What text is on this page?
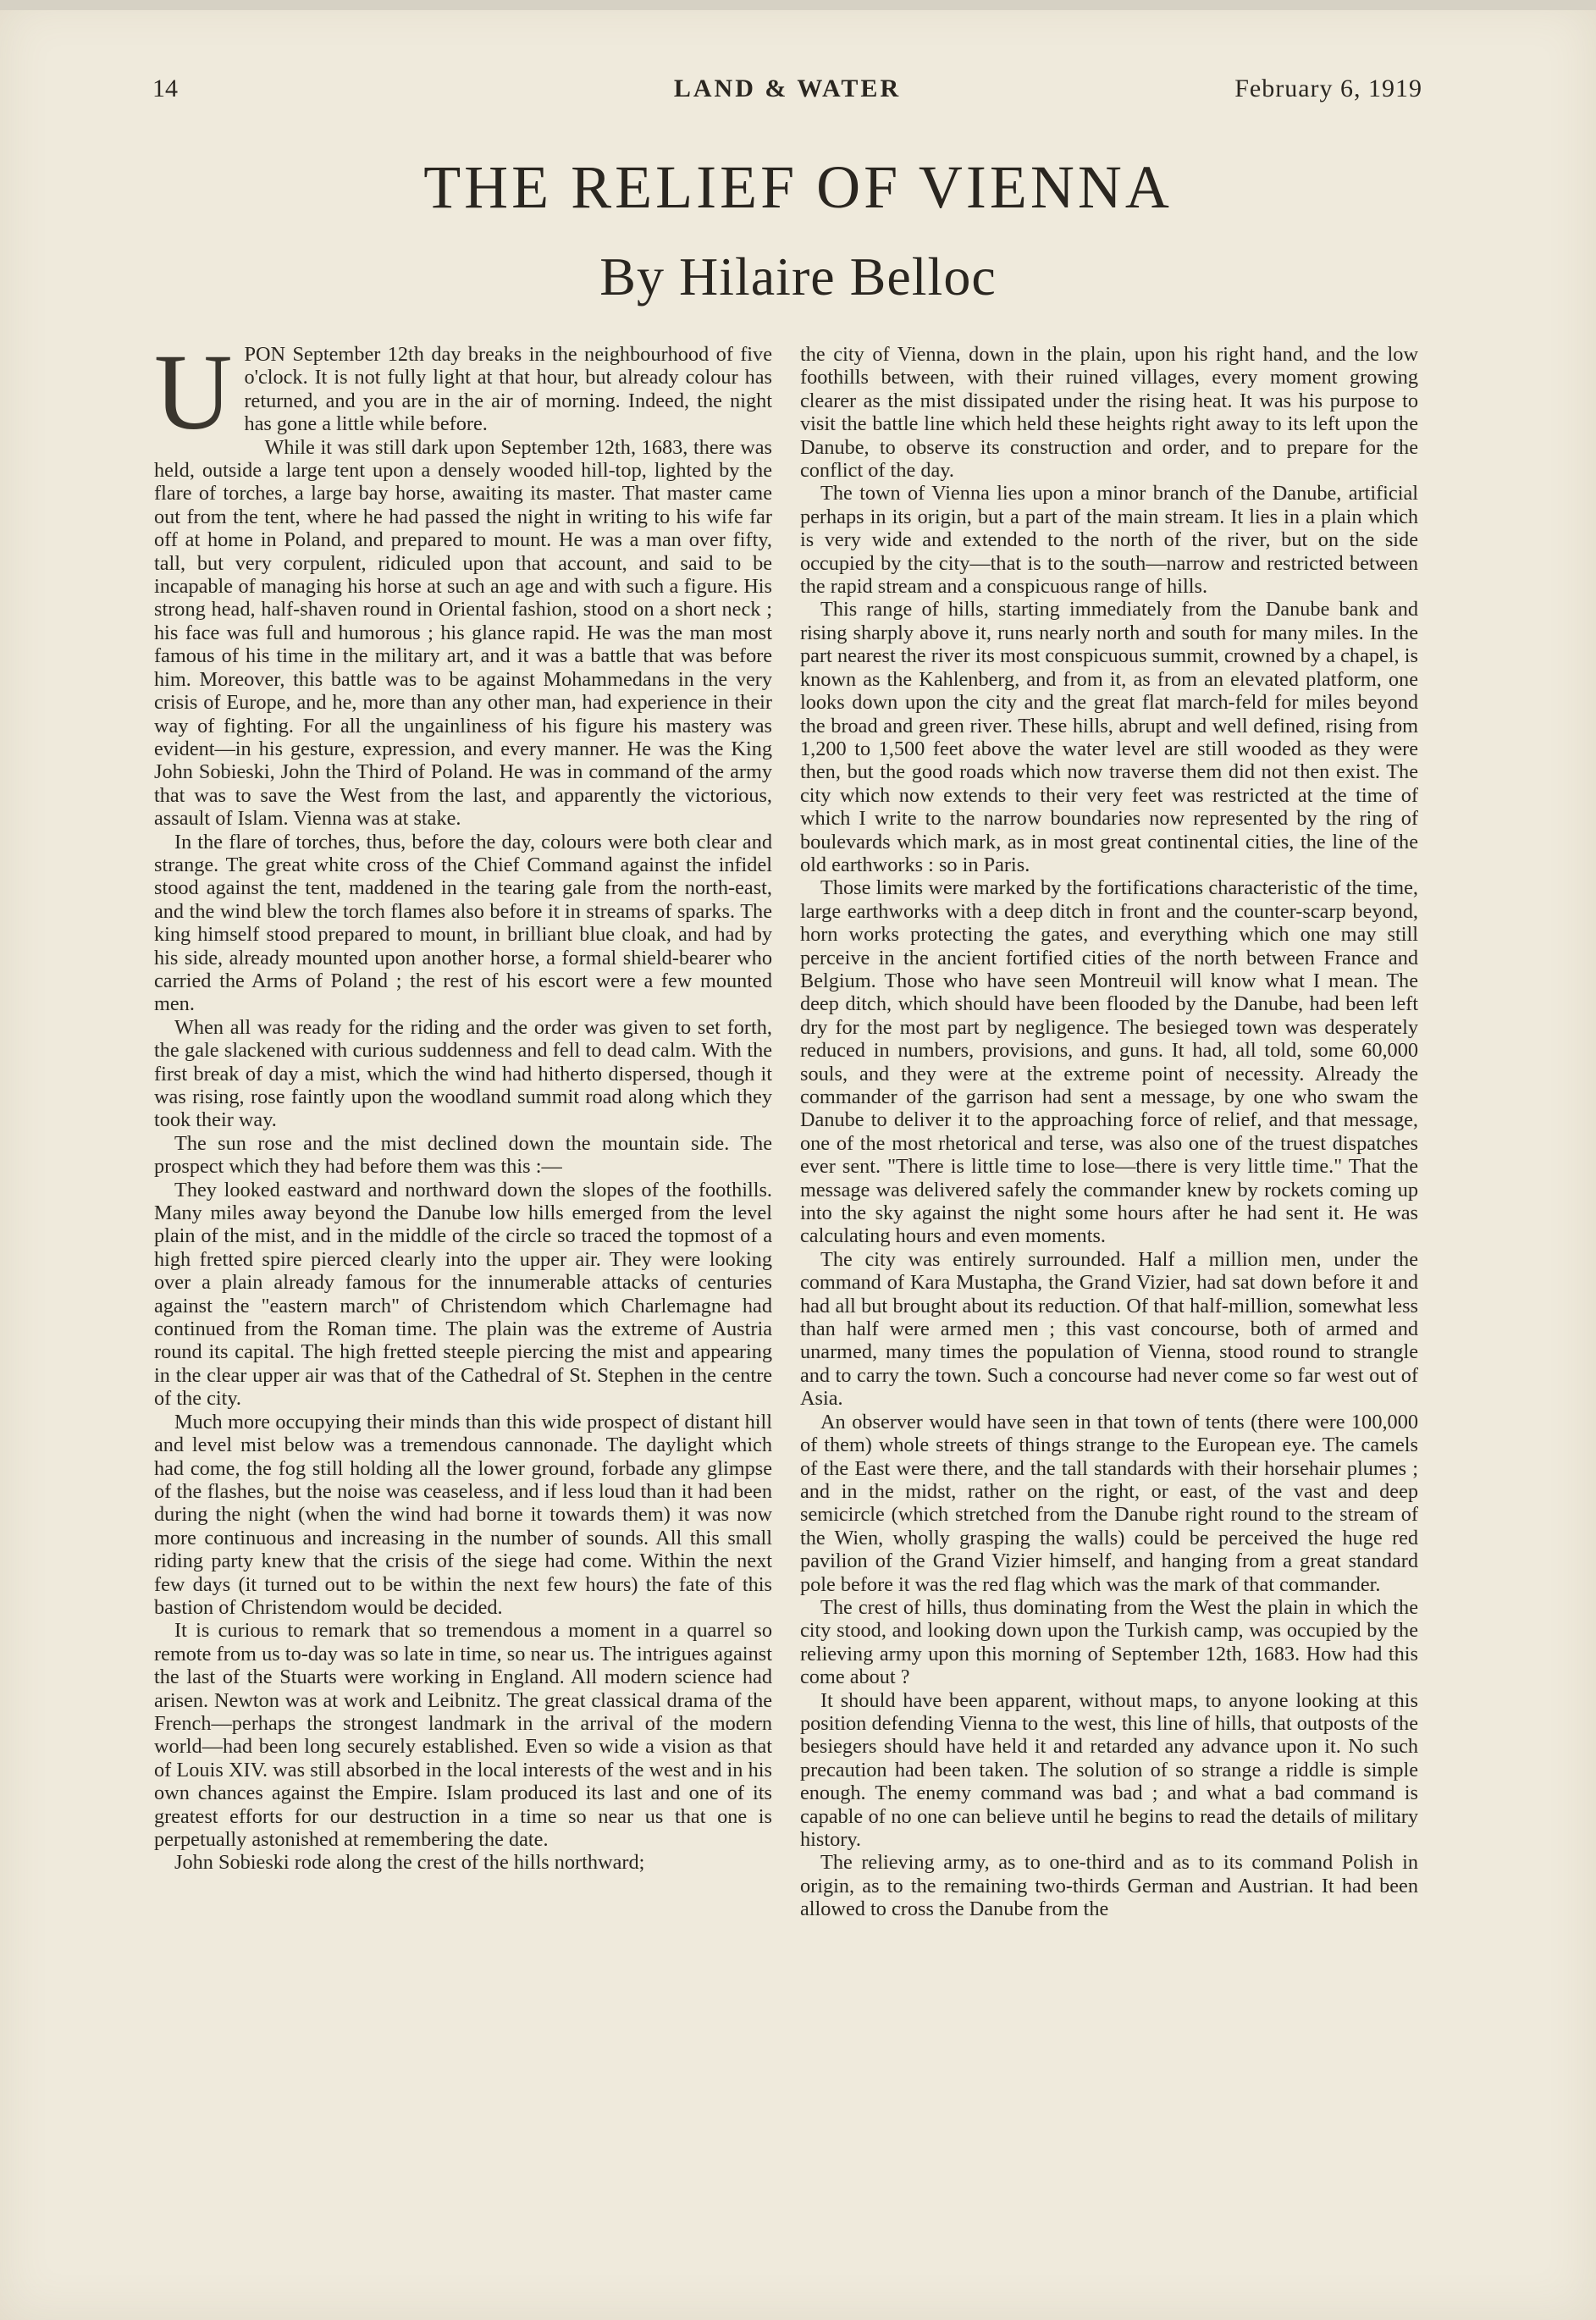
14	LAND & WATER	February 6, 1919
THE RELIEF OF VIENNA
By Hilaire Belloc

UPON September 12th day breaks in the neighbourhood of five o'clock. It is not fully light at that hour, but already colour has returned, and you are in the air of morning. Indeed, the night has gone a little while before.

While it was still dark upon September 12th, 1683, there was held, outside a large tent upon a densely wooded hill-top, lighted by the flare of torches, a large bay horse, awaiting its master. That master came out from the tent, where he had passed the night in writing to his wife far off at home in Poland, and prepared to mount. He was a man over fifty, tall, but very corpulent, ridiculed upon that account, and said to be incapable of managing his horse at such an age and with such a figure. His strong head, half-shaven round in Oriental fashion, stood on a short neck ; his face was full and humorous ; his glance rapid. He was the man most famous of his time in the military art, and it was a battle that was before him. Moreover, this battle was to be against Mohammedans in the very crisis of Europe, and he, more than any other man, had experience in their way of fighting. For all the ungainliness of his figure his mastery was evident—in his gesture, expression, and every manner. He was the King John Sobieski, John the Third of Poland. He was in command of the army that was to save the West from the last, and apparently the victorious, assault of Islam. Vienna was at stake.

In the flare of torches, thus, before the day, colours were both clear and strange. The great white cross of the Chief Command against the infidel stood against the tent, maddened in the tearing gale from the north-east, and the wind blew the torch flames also before it in streams of sparks. The king himself stood prepared to mount, in brilliant blue cloak, and had by his side, already mounted upon another horse, a formal shield-bearer who carried the Arms of Poland ; the rest of his escort were a few mounted men.

When all was ready for the riding and the order was given to set forth, the gale slackened with curious suddenness and fell to dead calm. With the first break of day a mist, which the wind had hitherto dispersed, though it was rising, rose faintly upon the woodland summit road along which they took their way.

The sun rose and the mist declined down the mountain side. The prospect which they had before them was this :—

They looked eastward and northward down the slopes of the foothills. Many miles away beyond the Danube low hills emerged from the level plain of the mist, and in the middle of the circle so traced the topmost of a high fretted spire pierced clearly into the upper air. They were looking over a plain already famous for the innumerable attacks of centuries against the "eastern march" of Christendom which Charlemagne had continued from the Roman time. The plain was the extreme of Austria round its capital. The high fretted steeple piercing the mist and appearing in the clear upper air was that of the Cathedral of St. Stephen in the centre of the city.

Much more occupying their minds than this wide prospect of distant hill and level mist below was a tremendous cannonade. The daylight which had come, the fog still holding all the lower ground, forbade any glimpse of the flashes, but the noise was ceaseless, and if less loud than it had been during the night (when the wind had borne it towards them) it was now more continuous and increasing in the number of sounds. All this small riding party knew that the crisis of the siege had come. Within the next few days (it turned out to be within the next few hours) the fate of this bastion of Christendom would be decided.

It is curious to remark that so tremendous a moment in a quarrel so remote from us to-day was so late in time, so near us. The intrigues against the last of the Stuarts were working in England. All modern science had arisen. Newton was at work and Leibnitz. The great classical drama of the French—perhaps the strongest landmark in the arrival of the modern world—had been long securely established. Even so wide a vision as that of Louis XIV. was still absorbed in the local interests of the west and in his own chances against the Empire. Islam produced its last and one of its greatest efforts for our destruction in a time so near us that one is perpetually astonished at remembering the date.

John Sobieski rode along the crest of the hills northward;

the city of Vienna, down in the plain, upon his right hand, and the low foothills between, with their ruined villages, every moment growing clearer as the mist dissipated under the rising heat. It was his purpose to visit the battle line which held these heights right away to its left upon the Danube, to observe its construction and order, and to prepare for the conflict of the day.

The town of Vienna lies upon a minor branch of the Danube, artificial perhaps in its origin, but a part of the main stream. It lies in a plain which is very wide and extended to the north of the river, but on the side occupied by the city—that is to the south—narrow and restricted between the rapid stream and a conspicuous range of hills.

This range of hills, starting immediately from the Danube bank and rising sharply above it, runs nearly north and south for many miles. In the part nearest the river its most conspicuous summit, crowned by a chapel, is known as the Kahlenberg, and from it, as from an elevated platform, one looks down upon the city and the great flat march-feld for miles beyond the broad and green river. These hills, abrupt and well defined, rising from 1,200 to 1,500 feet above the water level are still wooded as they were then, but the good roads which now traverse them did not then exist. The city which now extends to their very feet was restricted at the time of which I write to the narrow boundaries now represented by the ring of boulevards which mark, as in most great continental cities, the line of the old earthworks : so in Paris.

Those limits were marked by the fortifications characteristic of the time, large earthworks with a deep ditch in front and the counter-scarp beyond, horn works protecting the gates, and everything which one may still perceive in the ancient fortified cities of the north between France and Belgium. Those who have seen Montreuil will know what I mean. The deep ditch, which should have been flooded by the Danube, had been left dry for the most part by negligence. The besieged town was desperately reduced in numbers, provisions, and guns. It had, all told, some 60,000 souls, and they were at the extreme point of necessity. Already the commander of the garrison had sent a message, by one who swam the Danube to deliver it to the approaching force of relief, and that message, one of the most rhetorical and terse, was also one of the truest dispatches ever sent. "There is little time to lose—there is very little time." That the message was delivered safely the commander knew by rockets coming up into the sky against the night some hours after he had sent it. He was calculating hours and even moments.

The city was entirely surrounded. Half a million men, under the command of Kara Mustapha, the Grand Vizier, had sat down before it and had all but brought about its reduction. Of that half-million, somewhat less than half were armed men ; this vast concourse, both of armed and unarmed, many times the population of Vienna, stood round to strangle and to carry the town. Such a concourse had never come so far west out of Asia.

An observer would have seen in that town of tents (there were 100,000 of them) whole streets of things strange to the European eye. The camels of the East were there, and the tall standards with their horsehair plumes ; and in the midst, rather on the right, or east, of the vast and deep semicircle (which stretched from the Danube right round to the stream of the Wien, wholly grasping the walls) could be perceived the huge red pavilion of the Grand Vizier himself, and hanging from a great standard pole before it was the red flag which was the mark of that commander.

The crest of hills, thus dominating from the West the plain in which the city stood, and looking down upon the Turkish camp, was occupied by the relieving army upon this morning of September 12th, 1683. How had this come about ?

It should have been apparent, without maps, to anyone looking at this position defending Vienna to the west, this line of hills, that outposts of the besiegers should have held it and retarded any advance upon it. No such precaution had been taken. The solution of so strange a riddle is simple enough. The enemy command was bad ; and what a bad command is capable of no one can believe until he begins to read the details of military history.

The relieving army, as to one-third and as to its command Polish in origin, as to the remaining two-thirds German and Austrian. It had been allowed to cross the Danube from the
